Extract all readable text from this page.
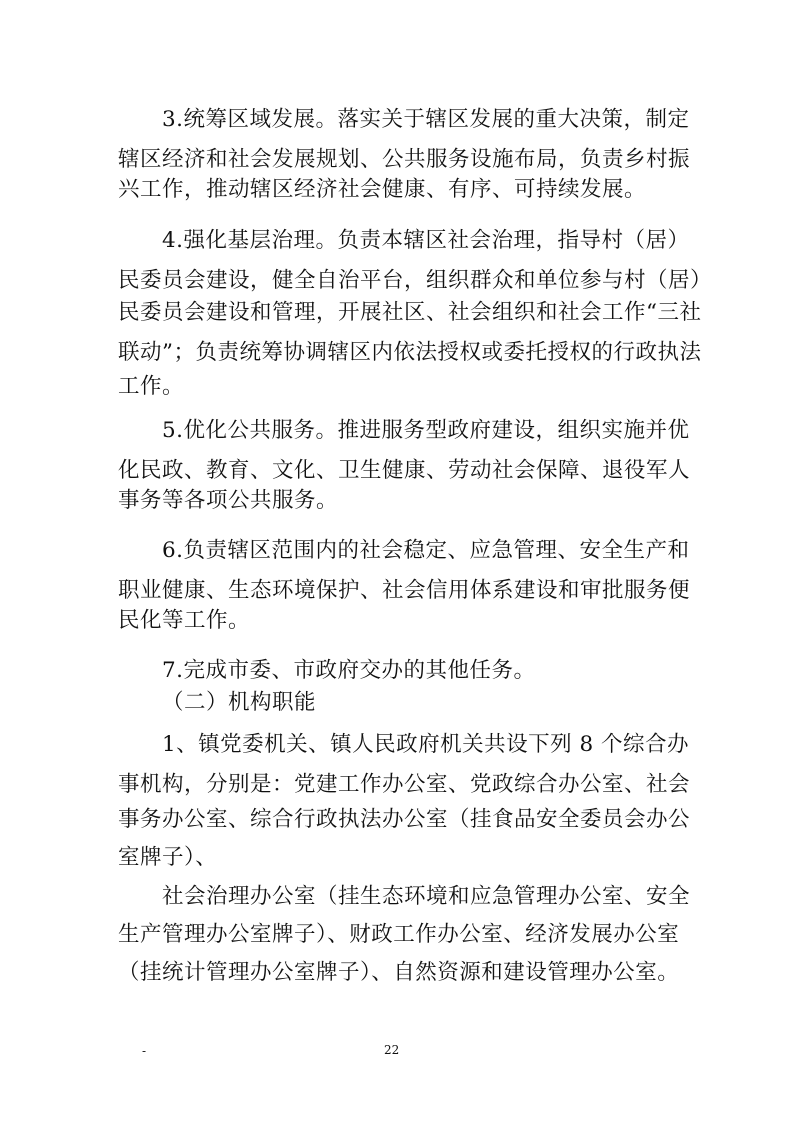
3.统筹区域发展。落实关于辖区发展的重大决策，制定
辖区经济和社会发展规划、公共服务设施布局，负责乡村振
兴工作，推动辖区经济社会健康、有序、可持续发展。
4.强化基层治理。负责本辖区社会治理，指导村（居）
民委员会建设，健全自治平台，组织群众和单位参与村（居）
民委员会建设和管理，开展社区、社会组织和社会工作“三社
联动”；负责统筹协调辖区内依法授权或委托授权的行政执法
工作。
5.优化公共服务。推进服务型政府建设，组织实施并优
化民政、教育、文化、卫生健康、劳动社会保障、退役军人
事务等各项公共服务。
6.负责辖区范围内的社会稳定、应急管理、安全生产和
职业健康、生态环境保护、社会信用体系建设和审批服务便
民化等工作。
7.完成市委、市政府交办的其他任务。
（二）机构职能
1、镇党委机关、镇人民政府机关共设下列 8 个综合办
事机构，分别是：党建工作办公室、党政综合办公室、社会
事务办公室、综合行政执法办公室（挂食品安全委员会办公
室牌子）、
社会治理办公室（挂生态环境和应急管理办公室、安全
生产管理办公室牌子）、财政工作办公室、经济发展办公室
（挂统计管理办公室牌子）、自然资源和建设管理办公室。
-	22
